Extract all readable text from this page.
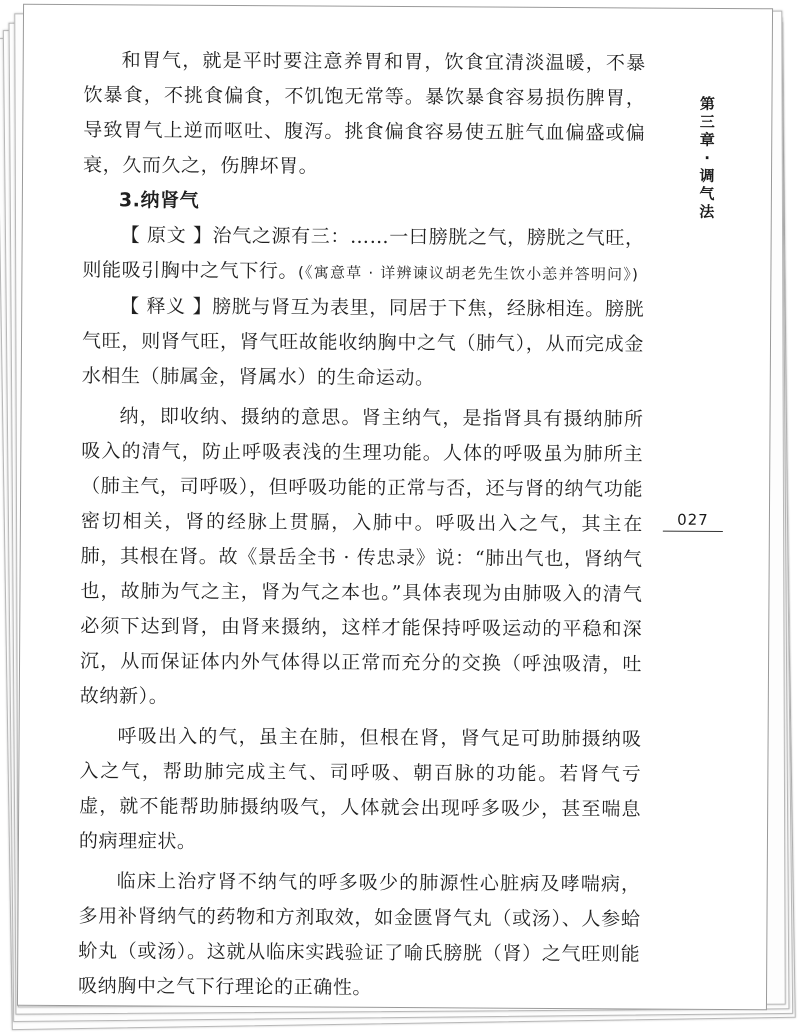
和胃气，就是平时要注意养胃和胃，饮食宜清淡温暖，不暴饮暴食，不挑食偏食，不饥饱无常等。暴饮暴食容易损伤脾胃，导致胃气上逆而呕吐、腹泻。挑食偏食容易使五脏气血偏盛或偏衰，久而久之，伤脾坏胃。

3.纳肾气

【 原文 】治气之源有三：……一曰膀胱之气，膀胱之气旺，则能吸引胸中之气下行。(《寓意草 · 详辨谏议胡老先生饮小恙并答明问》)

【 释义 】膀胱与肾互为表里，同居于下焦，经脉相连。膀胱气旺，则肾气旺，肾气旺故能收纳胸中之气（肺气），从而完成金水相生（肺属金，肾属水）的生命运动。

纳，即收纳、摄纳的意思。肾主纳气，是指肾具有摄纳肺所吸入的清气，防止呼吸表浅的生理功能。人体的呼吸虽为肺所主（肺主气，司呼吸），但呼吸功能的正常与否，还与肾的纳气功能密切相关，肾的经脉上贯膈，入肺中。呼吸出入之气，其主在肺，其根在肾。故《景岳全书 · 传忠录》说：“肺出气也，肾纳气也，故肺为气之主，肾为气之本也。”具体表现为由肺吸入的清气必须下达到肾，由肾来摄纳，这样才能保持呼吸运动的平稳和深沉，从而保证体内外气体得以正常而充分的交换（呼浊吸清，吐故纳新）。

呼吸出入的气，虽主在肺，但根在肾，肾气足可助肺摄纳吸入之气，帮助肺完成主气、司呼吸、朝百脉的功能。若肾气亏虚，就不能帮助肺摄纳吸气，人体就会出现呼多吸少，甚至喘息的病理症状。

临床上治疗肾不纳气的呼多吸少的肺源性心脏病及哮喘病，多用补肾纳气的药物和方剂取效，如金匮肾气丸（或汤）、人参蛤蚧丸（或汤）。这就从临床实践验证了喻氏膀胱（肾）之气旺则能吸纳胸中之气下行理论的正确性。

第
三
章
·
调
气
法
027
